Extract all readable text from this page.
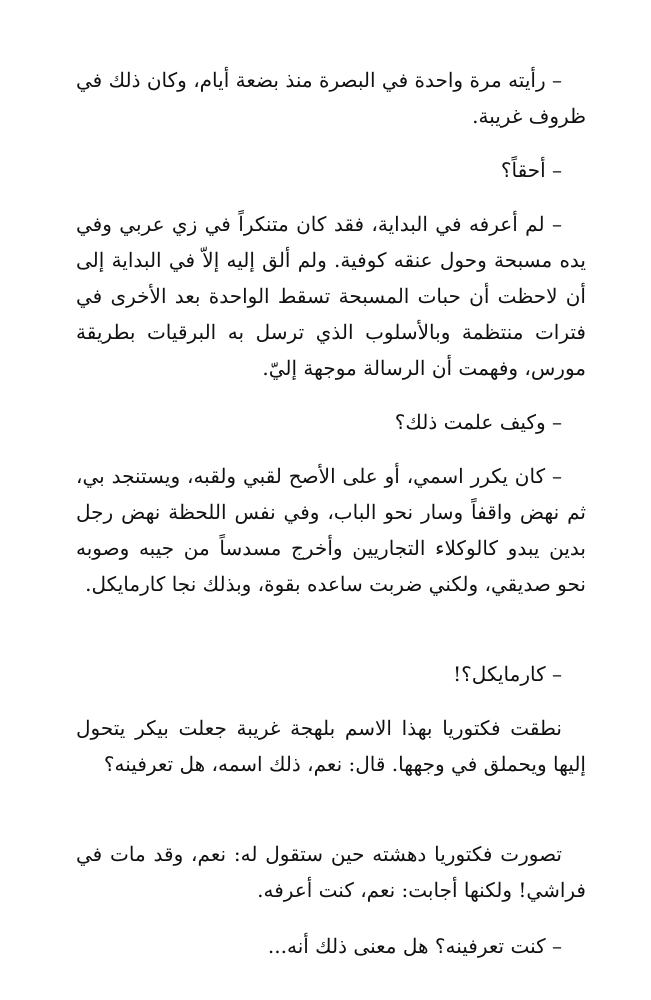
– رأيته مرة واحدة في البصرة منذ بضعة أيام، وكان ذلك في ظروف غريبة.

– أحقاً؟

– لم أعرفه في البداية، فقد كان متنكراً في زي عربي وفي يده مسبحة وحول عنقه كوفية. ولم ألق إليه إلاّ في البداية إلى أن لاحظت أن حبات المسبحة تسقط الواحدة بعد الأخرى في فترات منتظمة وبالأسلوب الذي ترسل به البرقيات بطريقة مورس، وفهمت أن الرسالة موجهة إليّ.

– وكيف علمت ذلك؟

– كان يكرر اسمي، أو على الأصح لقبي ولقبه، ويستنجد بي، ثم نهض واقفاً وسار نحو الباب، وفي نفس اللحظة نهض رجل بدين يبدو كالوكلاء التجاريين وأخرج مسدساً من جيبه وصوبه نحو صديقي، ولكني ضربت ساعده بقوة، وبذلك نجا كارمايكل.

– كارمايكل؟!

نطقت فكتوريا بهذا الاسم بلهجة غريبة جعلت بيكر يتحول إليها ويحملق في وجهها. قال: نعم، ذلك اسمه، هل تعرفينه؟

تصورت فكتوريا دهشته حين ستقول له: نعم، وقد مات في فراشي! ولكنها أجابت: نعم، كنت أعرفه.

– كنت تعرفينه؟ هل معنى ذلك أنه...
